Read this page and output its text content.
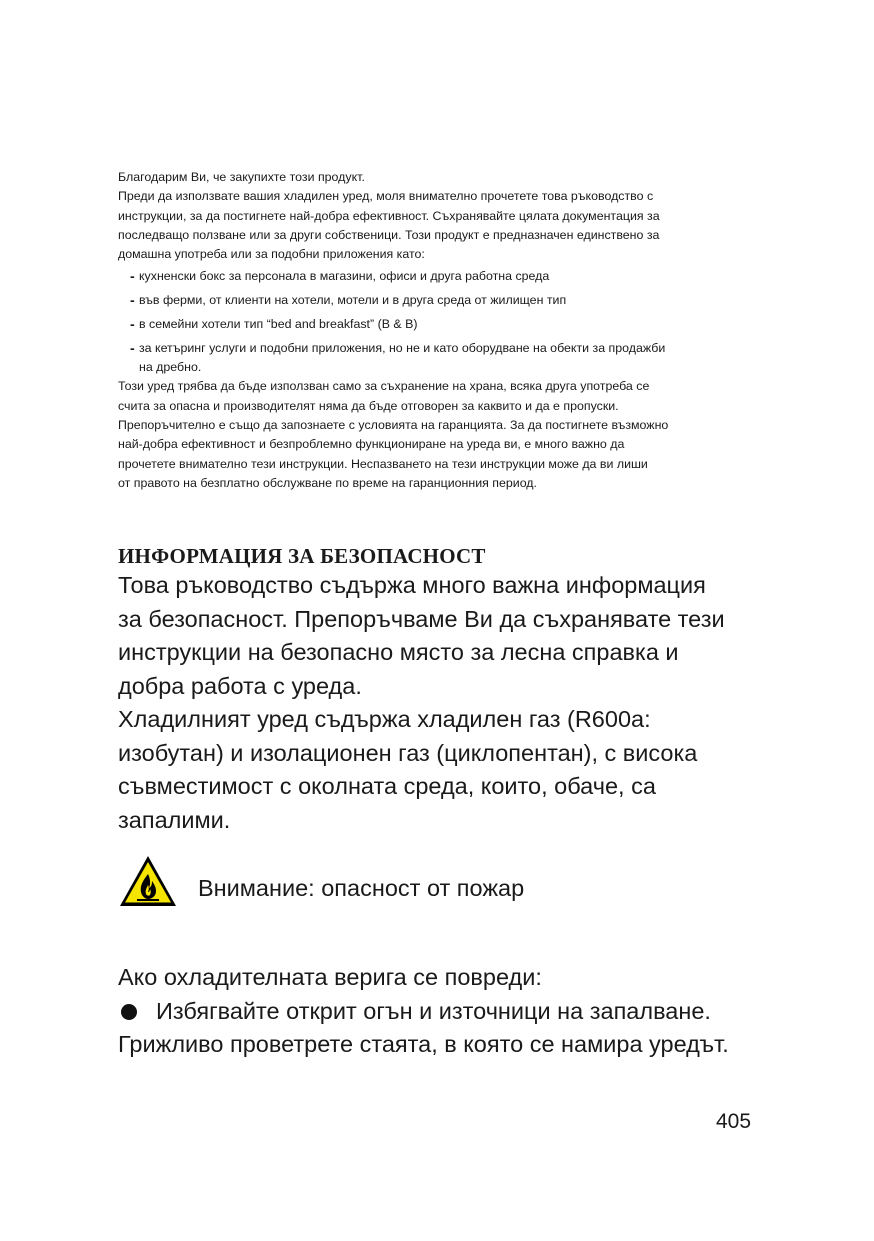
Благодарим Ви, че закупихте този продукт.

Преди да използвате вашия хладилен уред, моля внимателно прочетете това ръководство с

инструкции, за да постигнете най-добра ефективност. Съхранявайте цялата документация за

последващо ползване или за други собственици. Този продукт е предназначен единствено за

домашна употреба или за подобни приложения като:

- кухненски бокс за персонала в магазини, офиси и друга работна среда
- във ферми, от клиенти на хотели, мотели и в друга среда от жилищен тип
- в семейни хотели тип “bed and breakfast” (B & B)
- за кетъринг услуги и подобни приложения, но не и като оборудване на обекти за продажби
на дребно.

Този уред трябва да бъде използван само за съхранение на храна, всяка друга употреба се

счита за опасна и производителят няма да бъде отговорен за каквито и да е пропуски.

Препоръчително е също да запознаете с условията на гаранцията. За да постигнете възможно

най-добра ефективност и безпроблемно функциониране на уреда ви, е много важно да

прочетете внимателно тези инструкции. Неспазването на тези инструкции може да ви лиши

от правото на безплатно обслужване по време на гаранционния период.

ИНФОРМАЦИЯ ЗА БЕЗОПАСНОСТ

Това ръководство съдържа много важна информация

за безопасност. Препоръчваме Ви да съхранявате тези

инструкции на безопасно място за лесна справка и

добра работа с уреда.

Хладилният уред съдържа хладилен газ (R600a:

изобутан) и изолационен газ (циклопентан), с висока

съвместимост с околната среда, които, обаче, са

запалими.

Внимание: опасност от пожар

Ако охладителната верига се повреди:

Избягвайте открит огън и източници на запалване.

Грижливо проветрете стаята, в която се намира уредът.

405
